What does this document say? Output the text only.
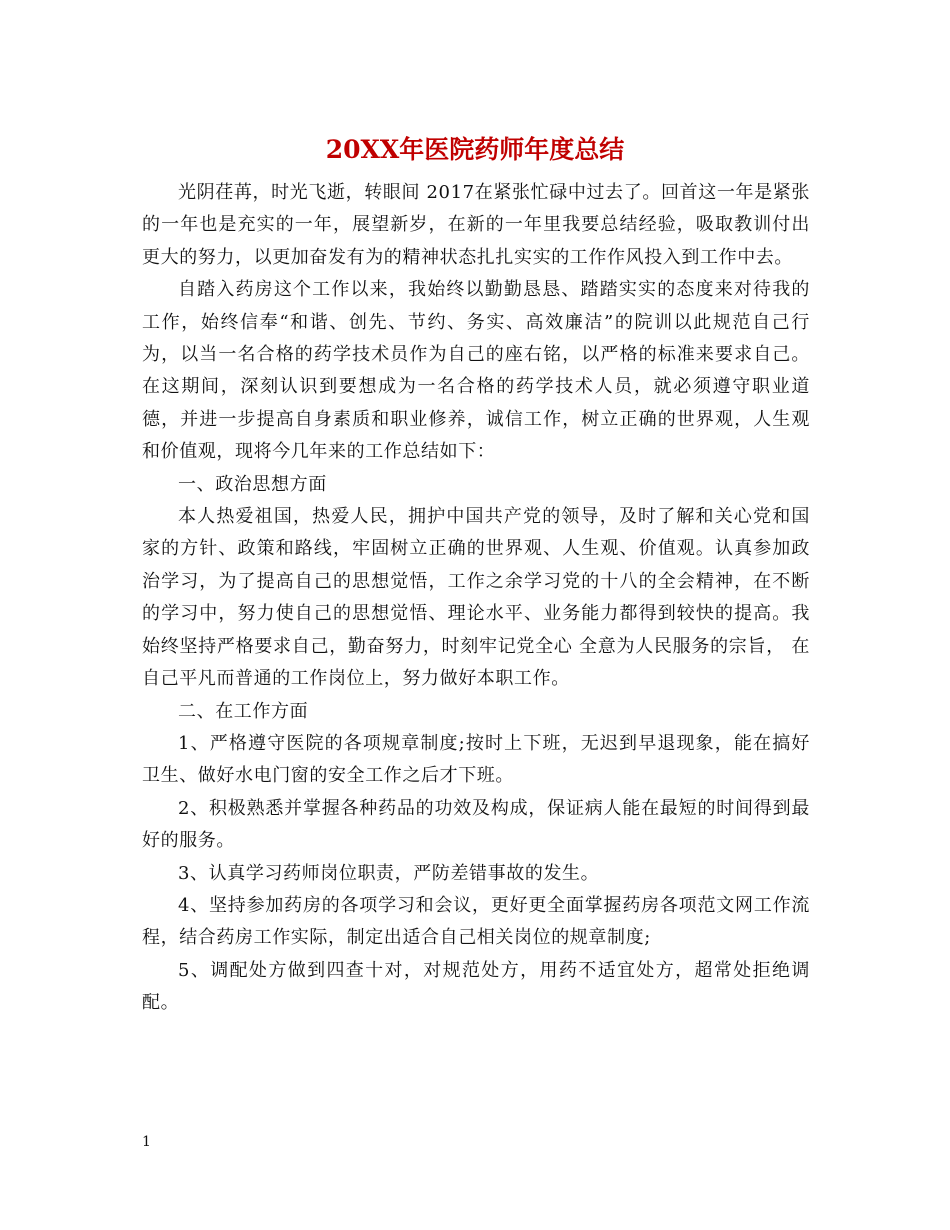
20XX年医院药师年度总结

光阴荏苒，时光飞逝，转眼间 2017在紧张忙碌中过去了。回首这一年是紧张的一年也是充实的一年，展望新岁，在新的一年里我要总结经验，吸取教训付出更大的努力，以更加奋发有为的精神状态扎扎实实的工作作风投入到工作中去。

自踏入药房这个工作以来，我始终以勤勤恳恳、踏踏实实的态度来对待我的工作，始终信奉“和谐、创先、节约、务实、高效廉洁”的院训以此规范自己行为，以当一名合格的药学技术员作为自己的座右铭，以严格的标准来要求自己。在这期间，深刻认识到要想成为一名合格的药学技术人员，就必须遵守职业道德，并进一步提高自身素质和职业修养，诚信工作，树立正确的世界观，人生观和价值观，现将今几年来的工作总结如下：

一、政治思想方面

本人热爱祖国，热爱人民，拥护中国共产党的领导，及时了解和关心党和国家的方针、政策和路线，牢固树立正确的世界观、人生观、价值观。认真参加政治学习，为了提高自己的思想觉悟，工作之余学习党的十八的全会精神，在不断的学习中，努力使自己的思想觉悟、理论水平、业务能力都得到较快的提高。我始终坚持严格要求自己，勤奋努力，时刻牢记党全心 全意为人民服务的宗旨， 在自己平凡而普通的工作岗位上，努力做好本职工作。

二、在工作方面

1、严格遵守医院的各项规章制度;按时上下班，无迟到早退现象，能在搞好卫生、做好水电门窗的安全工作之后才下班。

2、积极熟悉并掌握各种药品的功效及构成，保证病人能在最短的时间得到最好的服务。

3、认真学习药师岗位职责，严防差错事故的发生。

4、坚持参加药房的各项学习和会议，更好更全面掌握药房各项范文网工作流程，结合药房工作实际，制定出适合自己相关岗位的规章制度;

5、调配处方做到四查十对，对规范处方，用药不适宜处方，超常处拒绝调配。

1
